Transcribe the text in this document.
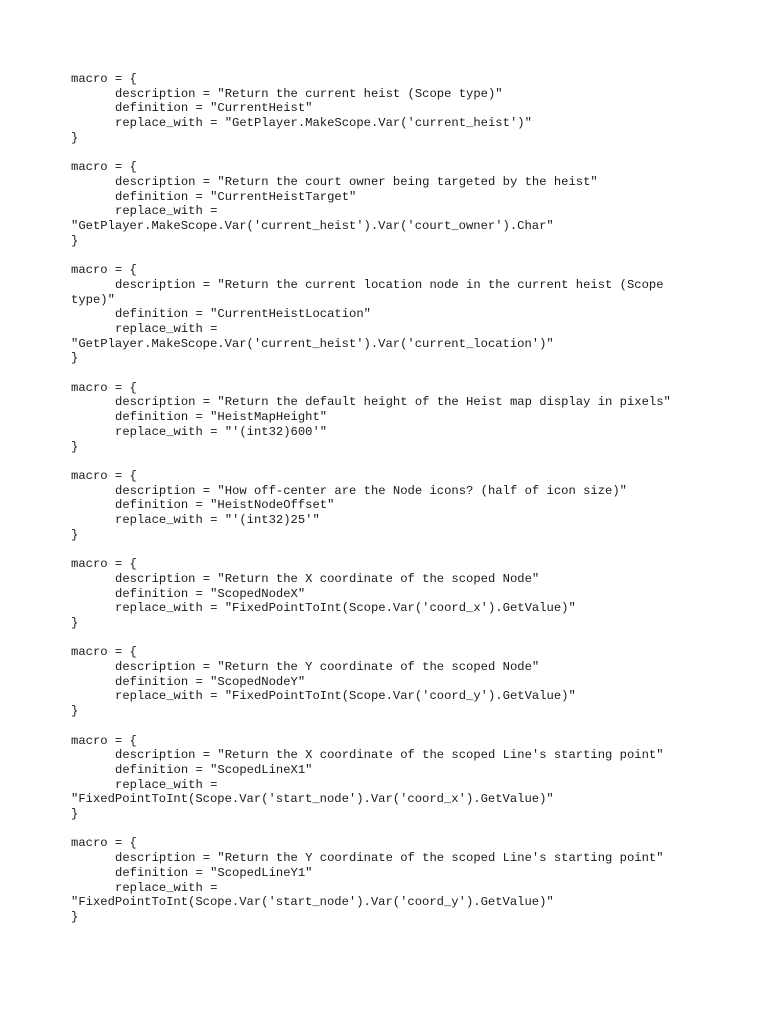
macro = {
description = "Return the current heist (Scope type)"
definition = "CurrentHeist"
replace_with = "GetPlayer.MakeScope.Var('current_heist')"
}
macro = {
description = "Return the court owner being targeted by the heist"
definition = "CurrentHeistTarget"
replace_with =
"GetPlayer.MakeScope.Var('current_heist').Var('court_owner').Char"
}
macro = {
description = "Return the current location node in the current heist (Scope
type)"
definition = "CurrentHeistLocation"
replace_with =
"GetPlayer.MakeScope.Var('current_heist').Var('current_location')"
}
macro = {
description = "Return the default height of the Heist map display in pixels"
definition = "HeistMapHeight"
replace_with = "'(int32)600'"
}
macro = {
description = "How off-center are the Node icons? (half of icon size)"
definition = "HeistNodeOffset"
replace_with = "'(int32)25'"
}
macro = {
description = "Return the X coordinate of the scoped Node"
definition = "ScopedNodeX"
replace_with = "FixedPointToInt(Scope.Var('coord_x').GetValue)"
}
macro = {
description = "Return the Y coordinate of the scoped Node"
definition = "ScopedNodeY"
replace_with = "FixedPointToInt(Scope.Var('coord_y').GetValue)"
}
macro = {
description = "Return the X coordinate of the scoped Line's starting point"
definition = "ScopedLineX1"
replace_with =
"FixedPointToInt(Scope.Var('start_node').Var('coord_x').GetValue)"
}
macro = {
description = "Return the Y coordinate of the scoped Line's starting point"
definition = "ScopedLineY1"
replace_with =
"FixedPointToInt(Scope.Var('start_node').Var('coord_y').GetValue)"
}
